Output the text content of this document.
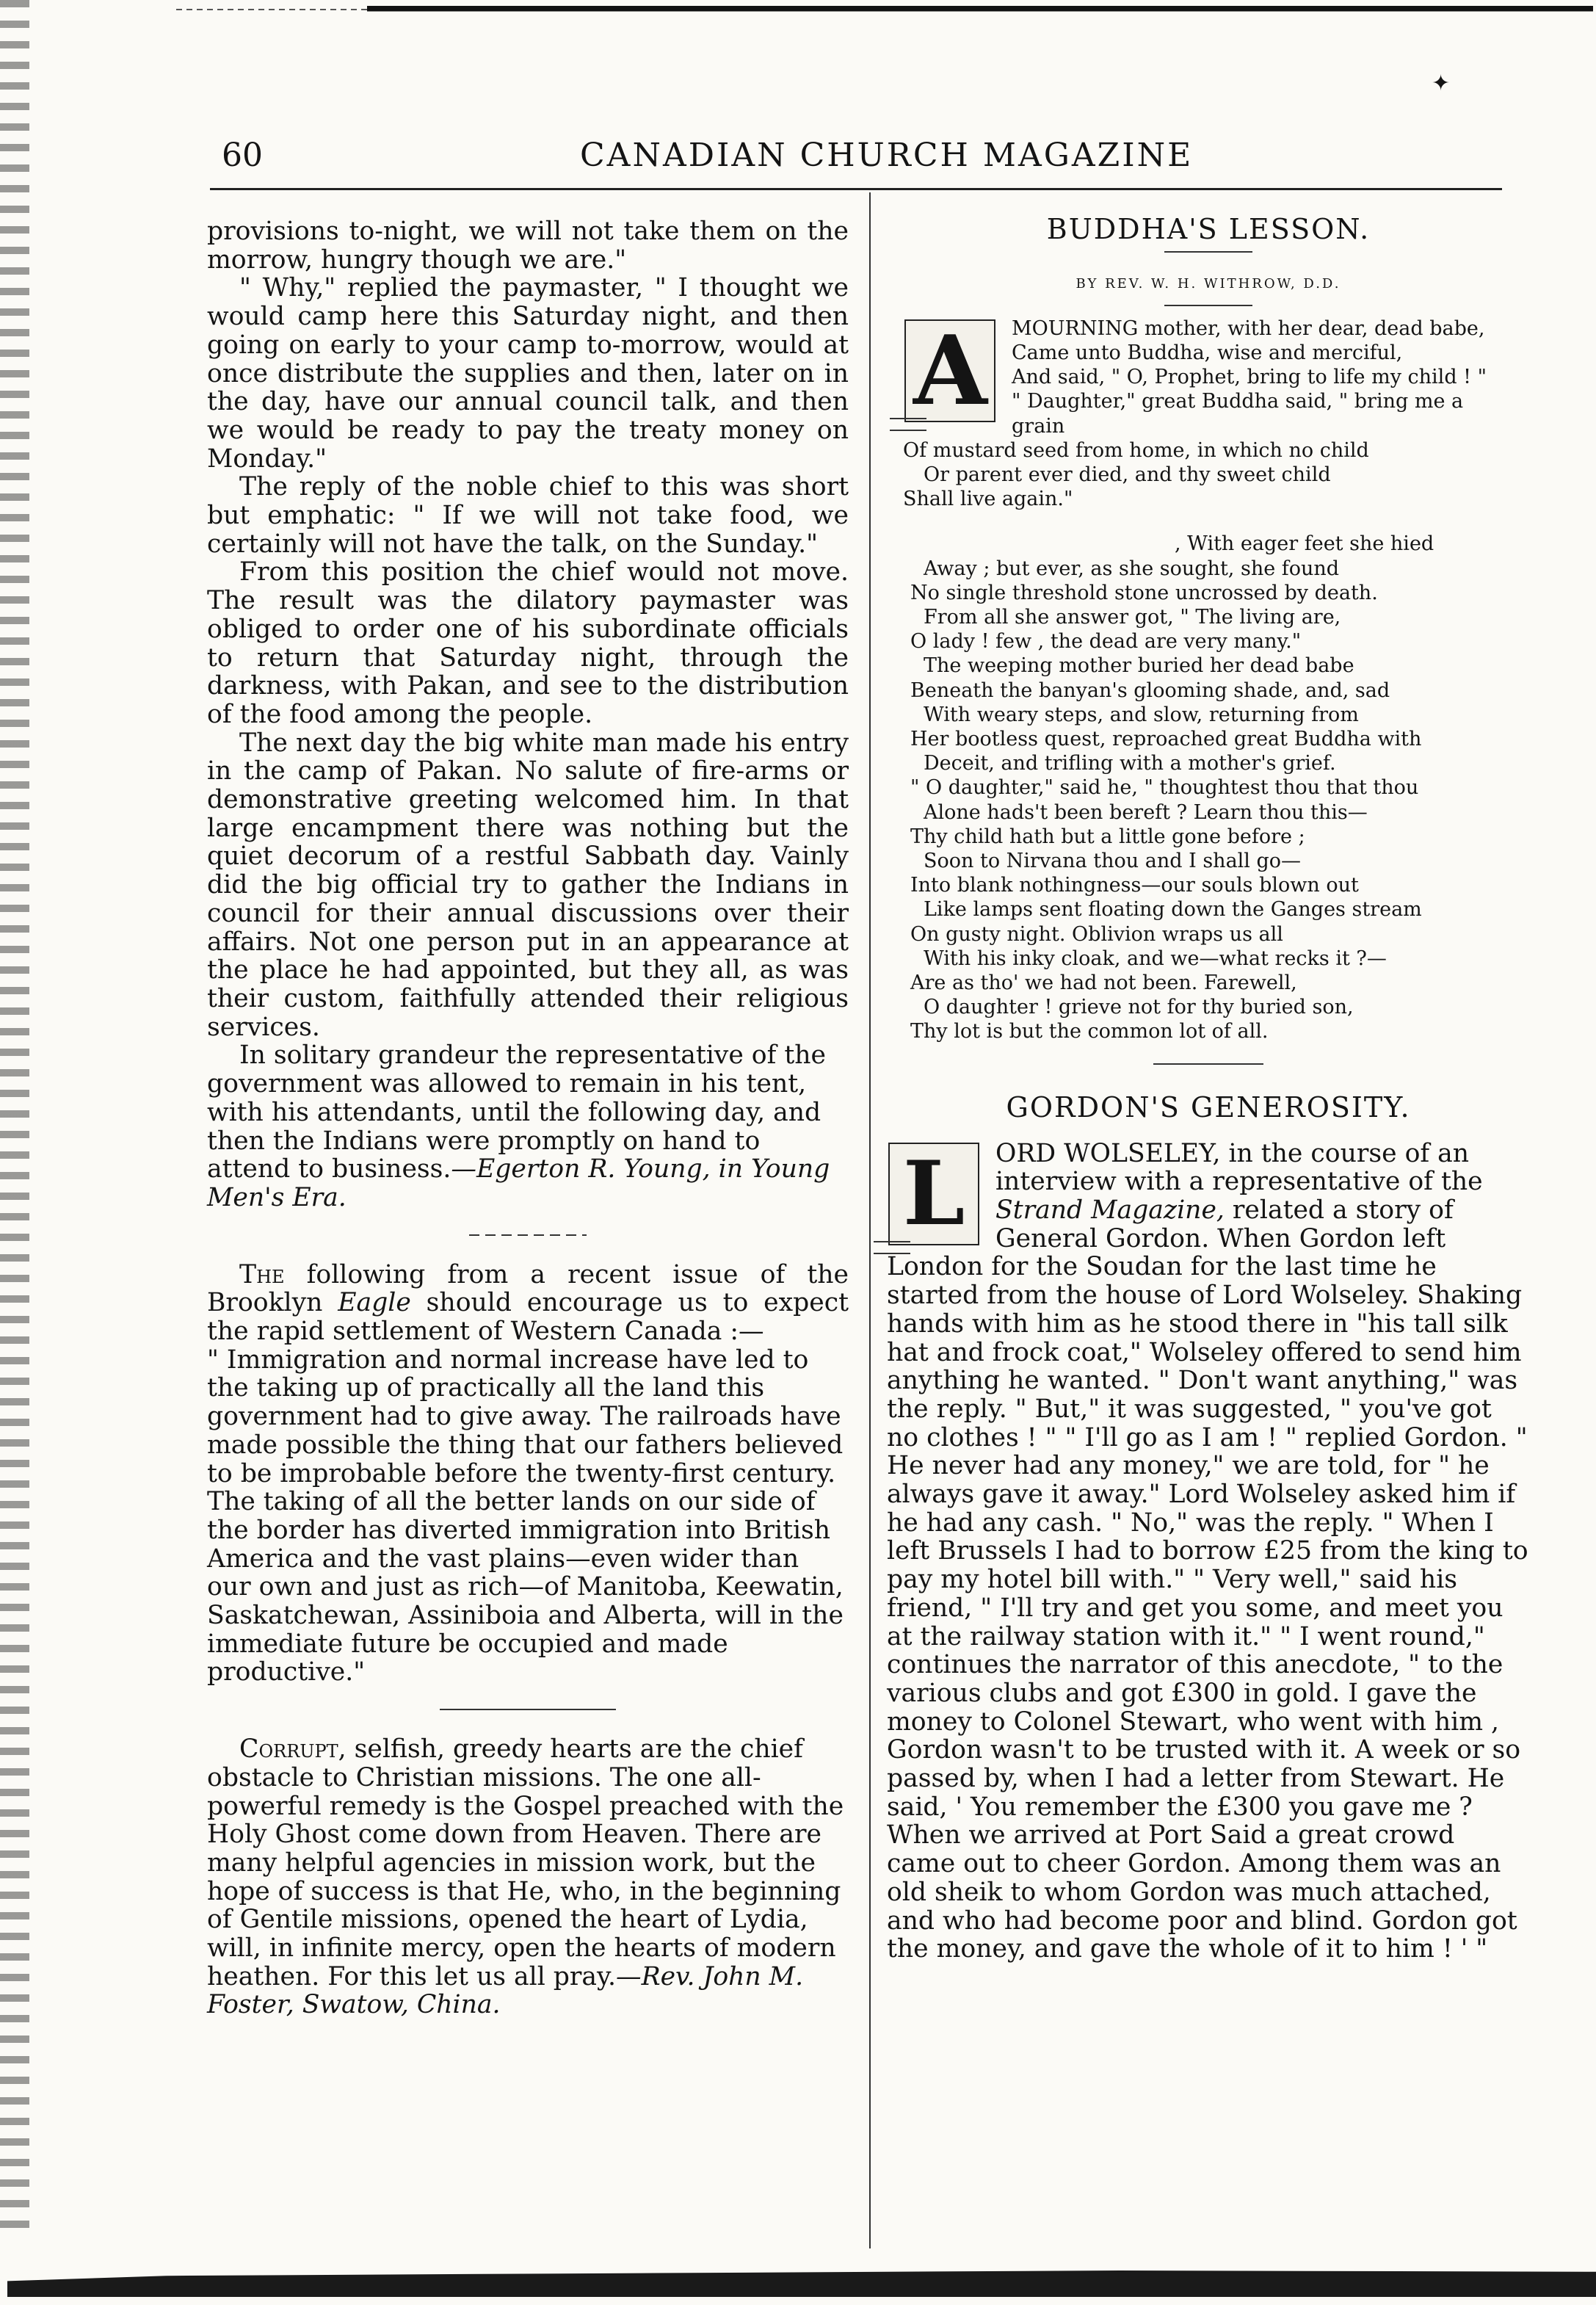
✦
60	CANADIAN CHURCH MAGAZINE

provisions to-night, we will not take them on the morrow, hungry though we are."

" Why," replied the paymaster, " I thought we would camp here this Saturday night, and then going on early to your camp to-morrow, would at once distribute the supplies and then, later on in the day, have our annual council talk, and then we would be ready to pay the treaty money on Monday."

The reply of the noble chief to this was short but emphatic: " If we will not take food, we certainly will not have the talk, on the Sunday."

From this position the chief would not move. The result was the dilatory paymaster was obliged to order one of his subordinate officials to return that Saturday night, through the darkness, with Pakan, and see to the distribution of the food among the people.

The next day the big white man made his entry in the camp of Pakan. No salute of fire-arms or demonstrative greeting welcomed him. In that large encampment there was nothing but the quiet decorum of a restful Sabbath day. Vainly did the big official try to gather the Indians in council for their annual discussions over their affairs. Not one person put in an appearance at the place he had appointed, but they all, as was their custom, faithfully attended their religious services.

In solitary grandeur the representative of the government was allowed to remain in his tent, with his attendants, until the following day, and then the Indians were promptly on hand to attend to business.—Egerton R. Young, in Young Men's Era.

The following from a recent issue of the Brooklyn Eagle should encourage us to expect the rapid settlement of Western Canada :—

" Immigration and normal increase have led to the taking up of practically all the land this government had to give away. The railroads have made possible the thing that our fathers believed to be improbable before the twenty-first century. The taking of all the better lands on our side of the border has diverted immigration into British America and the vast plains—even wider than our own and just as rich—of Manitoba, Keewatin, Saskatchewan, Assiniboia and Alberta, will in the immediate future be occupied and made productive."

Corrupt, selfish, greedy hearts are the chief obstacle to Christian missions. The one all-powerful remedy is the Gospel preached with the Holy Ghost come down from Heaven. There are many helpful agencies in mission work, but the hope of success is that He, who, in the beginning of Gentile missions, opened the heart of Lydia, will, in infinite mercy, open the hearts of modern heathen. For this let us all pray.—Rev. John M. Foster, Swatow, China.

BUDDHA'S LESSON.
BY REV. W. H. WITHROW, D.D.
A	MOURNING mother, with her dear, dead babe,
Came unto Buddha, wise and merciful,
And said, " O, Prophet, bring to life my child ! "
" Daughter," great Buddha said, " bring me a
grain
Of mustard seed from home, in which no child
Or parent ever died, and thy sweet child
Shall live again."
, With eager feet she hied
Away ; but ever, as she sought, she found
No single threshold stone uncrossed by death.
From all she answer got, " The living are,
O lady ! few , the dead are very many."
The weeping mother buried her dead babe
Beneath the banyan's glooming shade, and, sad
With weary steps, and slow, returning from
Her bootless quest, reproached great Buddha with
Deceit, and trifling with a mother's grief.
" O daughter," said he, " thoughtest thou that thou
Alone hads't been bereft ? Learn thou this—
Thy child hath but a little gone before ;
Soon to Nirvana thou and I shall go—
Into blank nothingness—our souls blown out
Like lamps sent floating down the Ganges stream
On gusty night. Oblivion wraps us all
With his inky cloak, and we—what recks it ?—
Are as tho' we had not been. Farewell,
O daughter ! grieve not for thy buried son,
Thy lot is but the common lot of all.
GORDON'S GENEROSITY.

L	ORD WOLSELEY, in the course of an interview with a representative of the Strand Magazine, related a story of General Gordon. When Gordon left London for the Soudan for the last time he started from the house of Lord Wolseley. Shaking hands with him as he stood there in "his tall silk hat and frock coat," Wolseley offered to send him anything he wanted. " Don't want anything," was the reply. " But," it was suggested, " you've got no clothes ! " " I'll go as I am ! " replied Gordon. " He never had any money," we are told, for " he always gave it away." Lord Wolseley asked him if he had any cash. " No," was the reply. " When I left Brussels I had to borrow £25 from the king to pay my hotel bill with." " Very well," said his friend, " I'll try and get you some, and meet you at the railway station with it." " I went round," continues the narrator of this anecdote, " to the various clubs and got £300 in gold. I gave the money to Colonel Stewart, who went with him , Gordon wasn't to be trusted with it. A week or so passed by, when I had a letter from Stewart. He said, ' You remember the £300 you gave me ? When we arrived at Port Said a great crowd came out to cheer Gordon. Among them was an old sheik to whom Gordon was much attached, and who had become poor and blind. Gordon got the money, and gave the whole of it to him ! ' "
